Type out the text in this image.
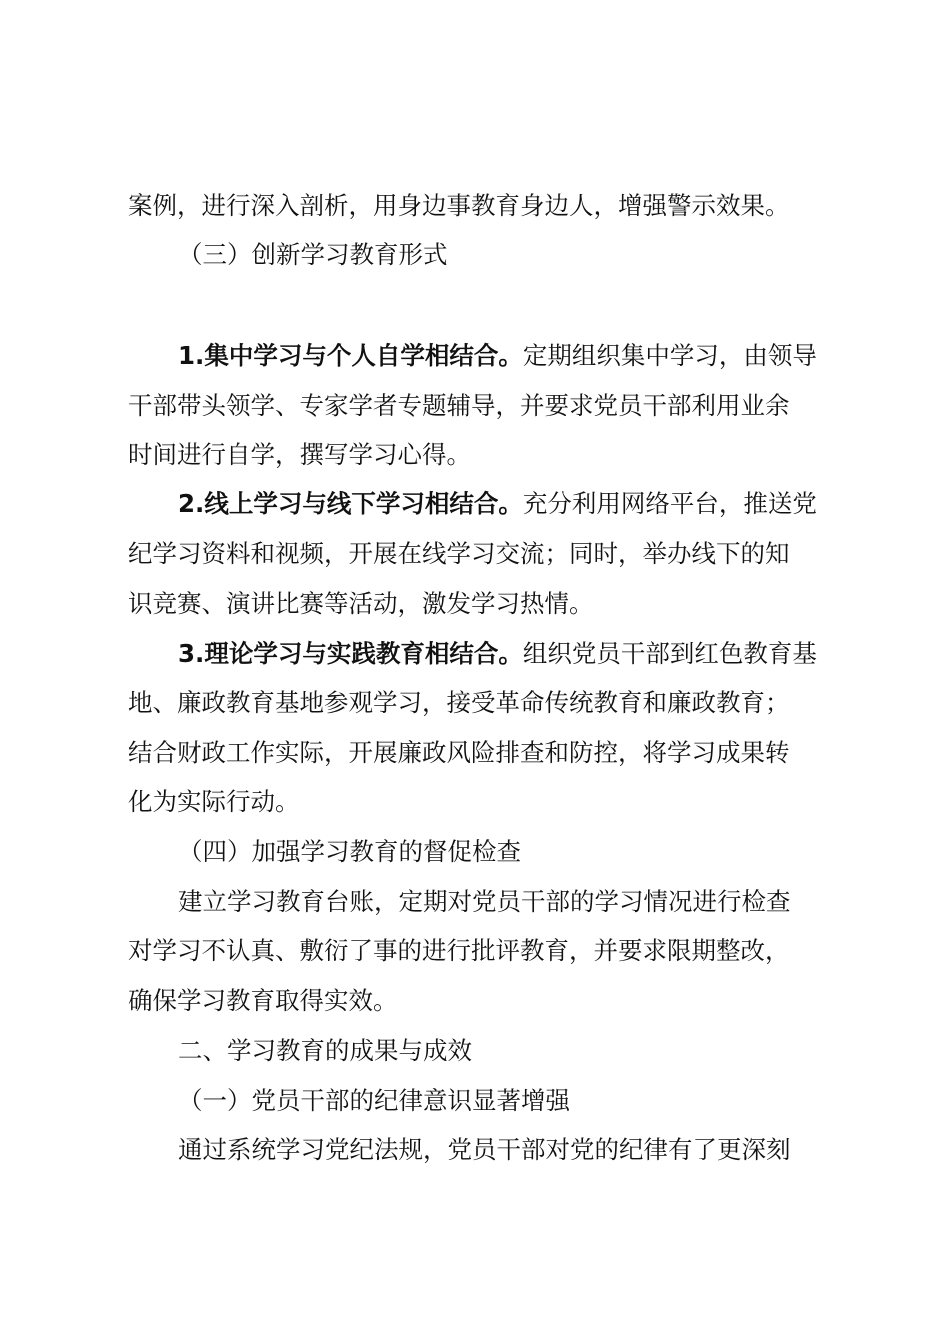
案例，进行深入剖析，用身边事教育身边人，增强警示效果。
（三）创新学习教育形式
1.集中学习与个人自学相结合。定期组织集中学习，由领导
干部带头领学、专家学者专题辅导，并要求党员干部利用业余
时间进行自学，撰写学习心得。
2.线上学习与线下学习相结合。充分利用网络平台，推送党
纪学习资料和视频，开展在线学习交流；同时，举办线下的知
识竞赛、演讲比赛等活动，激发学习热情。
3.理论学习与实践教育相结合。组织党员干部到红色教育基
地、廉政教育基地参观学习，接受革命传统教育和廉政教育；
结合财政工作实际，开展廉政风险排查和防控，将学习成果转
化为实际行动。
（四）加强学习教育的督促检查
建立学习教育台账，定期对党员干部的学习情况进行检查
对学习不认真、敷衍了事的进行批评教育，并要求限期整改，
确保学习教育取得实效。
二、学习教育的成果与成效
（一）党员干部的纪律意识显著增强
通过系统学习党纪法规，党员干部对党的纪律有了更深刻
